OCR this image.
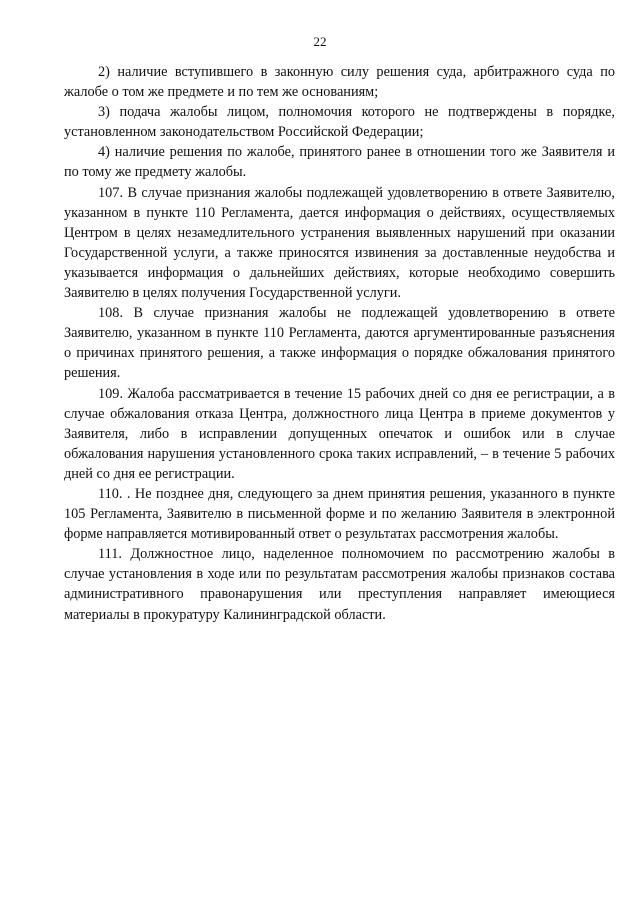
22

2) наличие вступившего в законную силу решения суда, арбитражного суда по жалобе о том же предмете и по тем же основаниям;

3) подача жалобы лицом, полномочия которого не подтверждены в порядке, установленном законодательством Российской Федерации;

4) наличие решения по жалобе, принятого ранее в отношении того же Заявителя и по тому же предмету жалобы.

107. В случае признания жалобы подлежащей удовлетворению в ответе Заявителю, указанном в пункте 110 Регламента, дается информация о действиях, осуществляемых Центром в целях незамедлительного устранения выявленных нарушений при оказании Государственной услуги, а также приносятся извинения за доставленные неудобства и указывается информация о дальнейших действиях, которые необходимо совершить Заявителю в целях получения Государственной услуги.

108. В случае признания жалобы не подлежащей удовлетворению в ответе Заявителю, указанном в пункте 110 Регламента, даются аргументированные разъяснения о причинах принятого решения, а также информация о порядке обжалования принятого решения.

109. Жалоба рассматривается в течение 15 рабочих дней со дня ее регистрации, а в случае обжалования отказа Центра, должностного лица Центра в приеме документов у Заявителя, либо в исправлении допущенных опечаток и ошибок или в случае обжалования нарушения установленного срока таких исправлений, – в течение 5 рабочих дней со дня ее регистрации.

110. . Не позднее дня, следующего за днем принятия решения, указанного в пункте 105 Регламента, Заявителю в письменной форме и по желанию Заявителя в электронной форме направляется мотивированный ответ о результатах рассмотрения жалобы.

111. Должностное лицо, наделенное полномочием по рассмотрению жалобы в случае установления в ходе или по результатам рассмотрения жалобы признаков состава административного правонарушения или преступления направляет имеющиеся материалы в прокуратуру Калининградской области.
